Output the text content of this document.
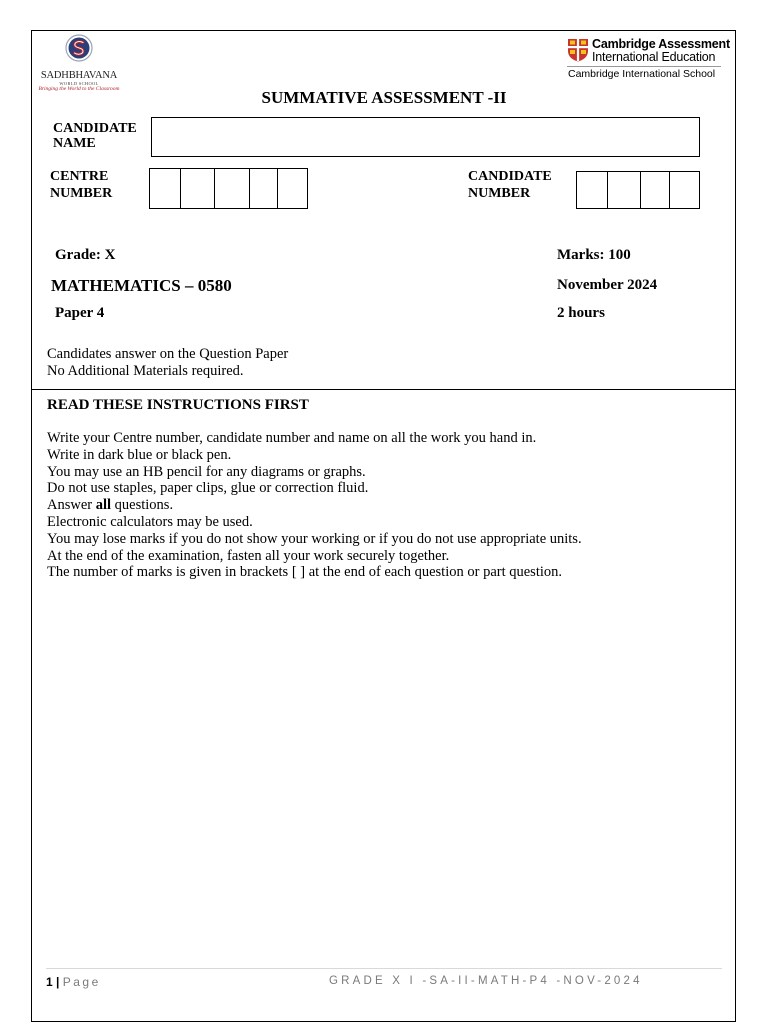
SADHBHAVANA
WORLD SCHOOL
Bringing the World to the Classroom
Cambridge Assessment
International Education
Cambridge International School
SUMMATIVE ASSESSMENT -II
CANDIDATE
NAME
CENTRE
NUMBER
CANDIDATE
NUMBER
Grade: X	Marks: 100
MATHEMATICS – 0580	November 2024
Paper 4	2 hours
Candidates answer on the Question Paper
No Additional Materials required.
READ THESE INSTRUCTIONS FIRST
Write your Centre number, candidate number and name on all the work you hand in.
Write in dark blue or black pen.
You may use an HB pencil for any diagrams or graphs.
Do not use staples, paper clips, glue or correction fluid.
Answer all questions.
Electronic calculators may be used.
You may lose marks if you do not show your working or if you do not use appropriate units.
At the end of the examination, fasten all your work securely together.
The number of marks is given in brackets [ ] at the end of each question or part question.
1 | Page	GRADE X I -SA-II-MATH-P4 -NOV-2024
